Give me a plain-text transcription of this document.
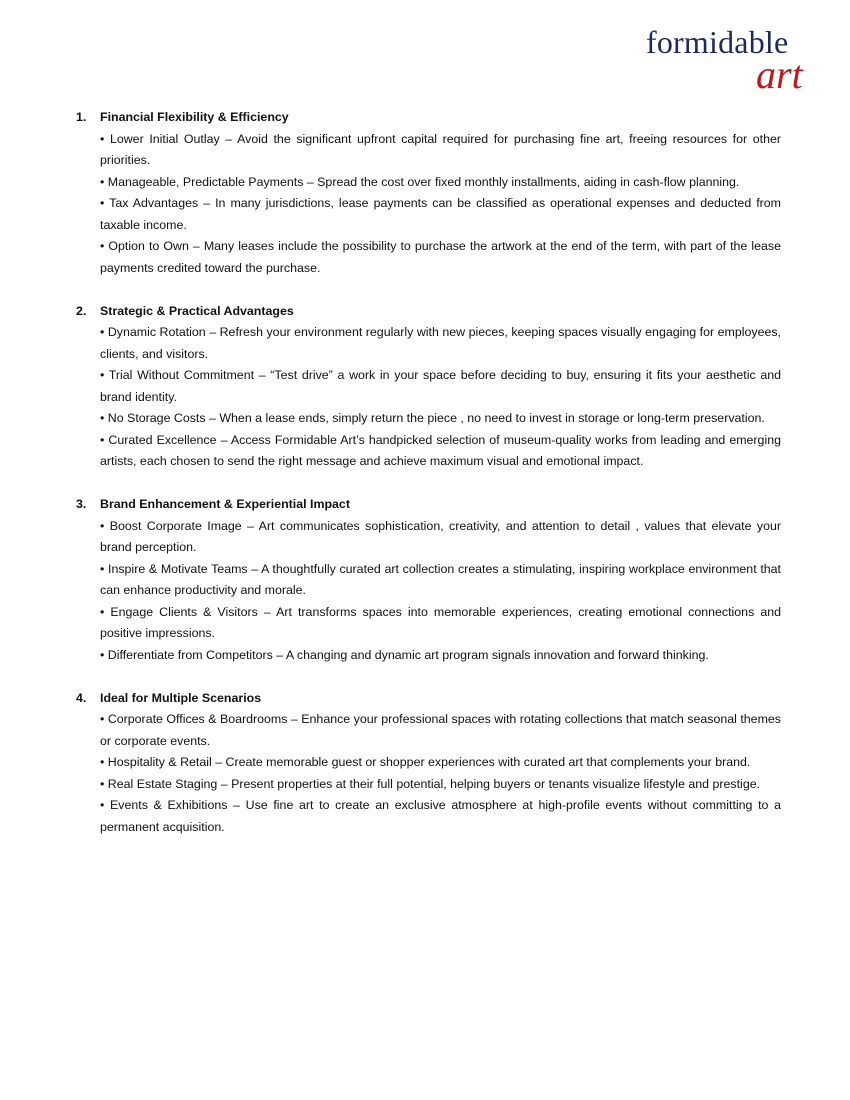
formidable
art
1.	Financial Flexibility & Efficiency
• Lower Initial Outlay – Avoid the significant upfront capital required for purchasing fine art, freeing resources for other priorities.
• Manageable, Predictable Payments – Spread the cost over fixed monthly installments, aiding in cash-flow planning.
• Tax Advantages – In many jurisdictions, lease payments can be classified as operational expenses and deducted from taxable income.
• Option to Own – Many leases include the possibility to purchase the artwork at the end of the term, with part of the lease payments credited toward the purchase.
2.	Strategic & Practical Advantages
• Dynamic Rotation – Refresh your environment regularly with new pieces, keeping spaces visually engaging for employees, clients, and visitors.
• Trial Without Commitment – “Test drive” a work in your space before deciding to buy, ensuring it fits your aesthetic and brand identity.
• No Storage Costs – When a lease ends, simply return the piece , no need to invest in storage or long-term preservation.
• Curated Excellence – Access Formidable Art’s handpicked selection of museum-quality works from leading and emerging artists, each chosen to send the right message and achieve maximum visual and emotional impact.
3.	Brand Enhancement & Experiential Impact
• Boost Corporate Image – Art communicates sophistication, creativity, and attention to detail , values that elevate your brand perception.
• Inspire & Motivate Teams – A thoughtfully curated art collection creates a stimulating, inspiring workplace environment that can enhance productivity and morale.
• Engage Clients & Visitors – Art transforms spaces into memorable experiences, creating emotional connections and positive impressions.
• Differentiate from Competitors – A changing and dynamic art program signals innovation and forward thinking.
4.	Ideal for Multiple Scenarios
• Corporate Offices & Boardrooms – Enhance your professional spaces with rotating collections that match seasonal themes or corporate events.
• Hospitality & Retail – Create memorable guest or shopper experiences with curated art that complements your brand.
• Real Estate Staging – Present properties at their full potential, helping buyers or tenants visualize lifestyle and prestige.
• Events & Exhibitions – Use fine art to create an exclusive atmosphere at high-profile events without committing to a permanent acquisition.
